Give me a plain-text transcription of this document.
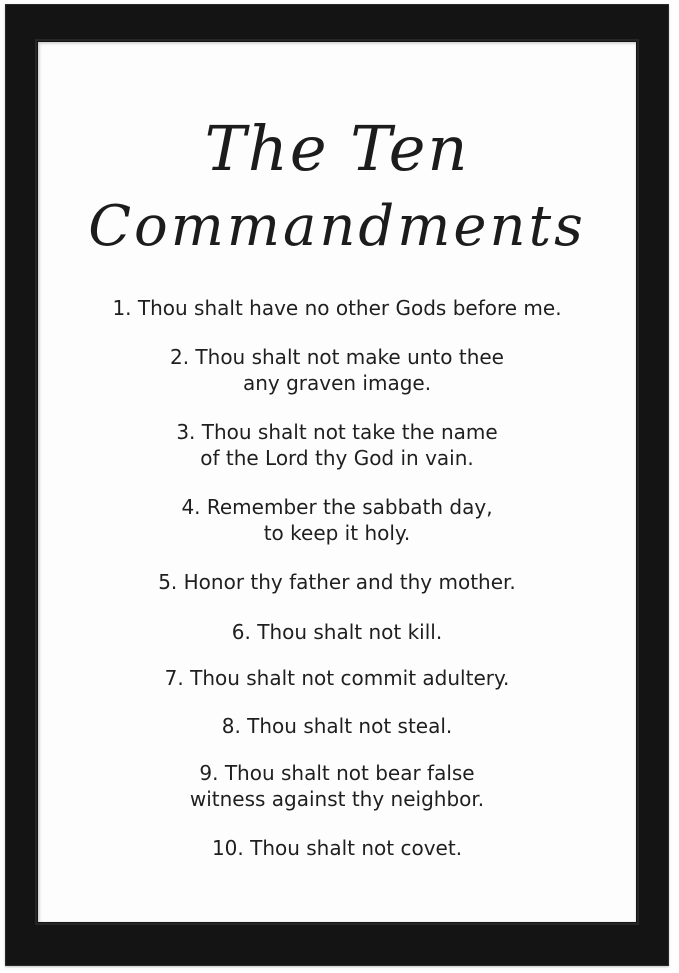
The Ten
Commandments
1. Thou shalt have no other Gods before me.
2. Thou shalt not make unto thee
any graven image.
3. Thou shalt not take the name
of the Lord thy God in vain.
4. Remember the sabbath day,
to keep it holy.
5. Honor thy father and thy mother.
6. Thou shalt not kill.
7. Thou shalt not commit adultery.
8. Thou shalt not steal.
9. Thou shalt not bear false
witness against thy neighbor.
10. Thou shalt not covet.
